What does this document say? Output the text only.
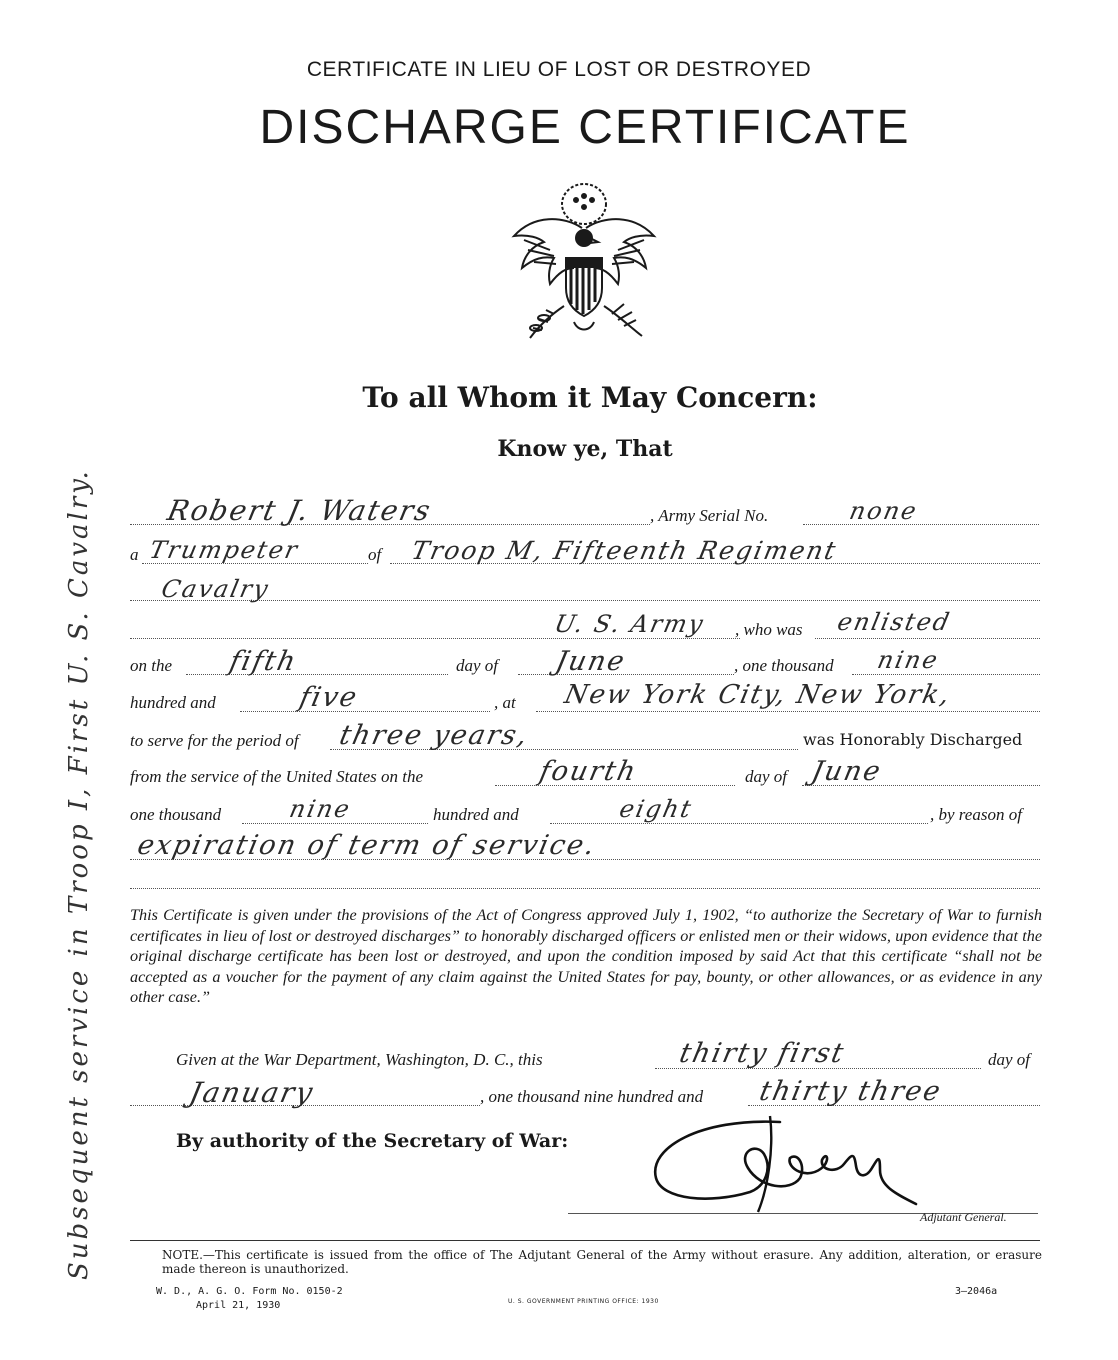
CERTIFICATE IN LIEU OF LOST OR DESTROYED
DISCHARGE CERTIFICATE
To all Whom it May Concern:
Know ye, That
Robert J. Waters	, Army Serial No.	none
a Trumpeter	of Troop M, Fifteenth Regiment
Cavalry
U. S. Army , who was enlisted
on the fifth	day of June	, one thousand nine
hundred and	five	, at New York City, New York,
to serve for the period of three years,	was Honorably Discharged
from the service of the United States on the	fourth	day of June
one thousand	nine	hundred and	eight	, by reason of
expiration of term of service.
This Certificate is given under the provisions of the Act of Congress approved July 1, 1902, “to authorize the Secretary of War to furnish certificates in lieu of lost or destroyed discharges” to honorably discharged officers or enlisted men or their widows, upon evidence that the original discharge certificate has been lost or destroyed, and upon the condition imposed by said Act that this certificate “shall not be accepted as a voucher for the payment of any claim against the United States for pay, bounty, or other allowances, or as evidence in any other case.”
Given at the War Department, Washington, D. C., this	thirty first	day of
January	, one thousand nine hundred and thirty three
By authority of the Secretary of War:
Adjutant General.
NOTE.—This certificate is issued from the office of The Adjutant General of the Army without erasure. Any addition, alteration, or erasure made thereon is unauthorized.
W. D., A. G. O. Form No. 0150-2
April 21, 1930	U. S. GOVERNMENT PRINTING OFFICE: 1930
3—2046a
Subsequent service in Troop I, First U. S. Cavalry.
